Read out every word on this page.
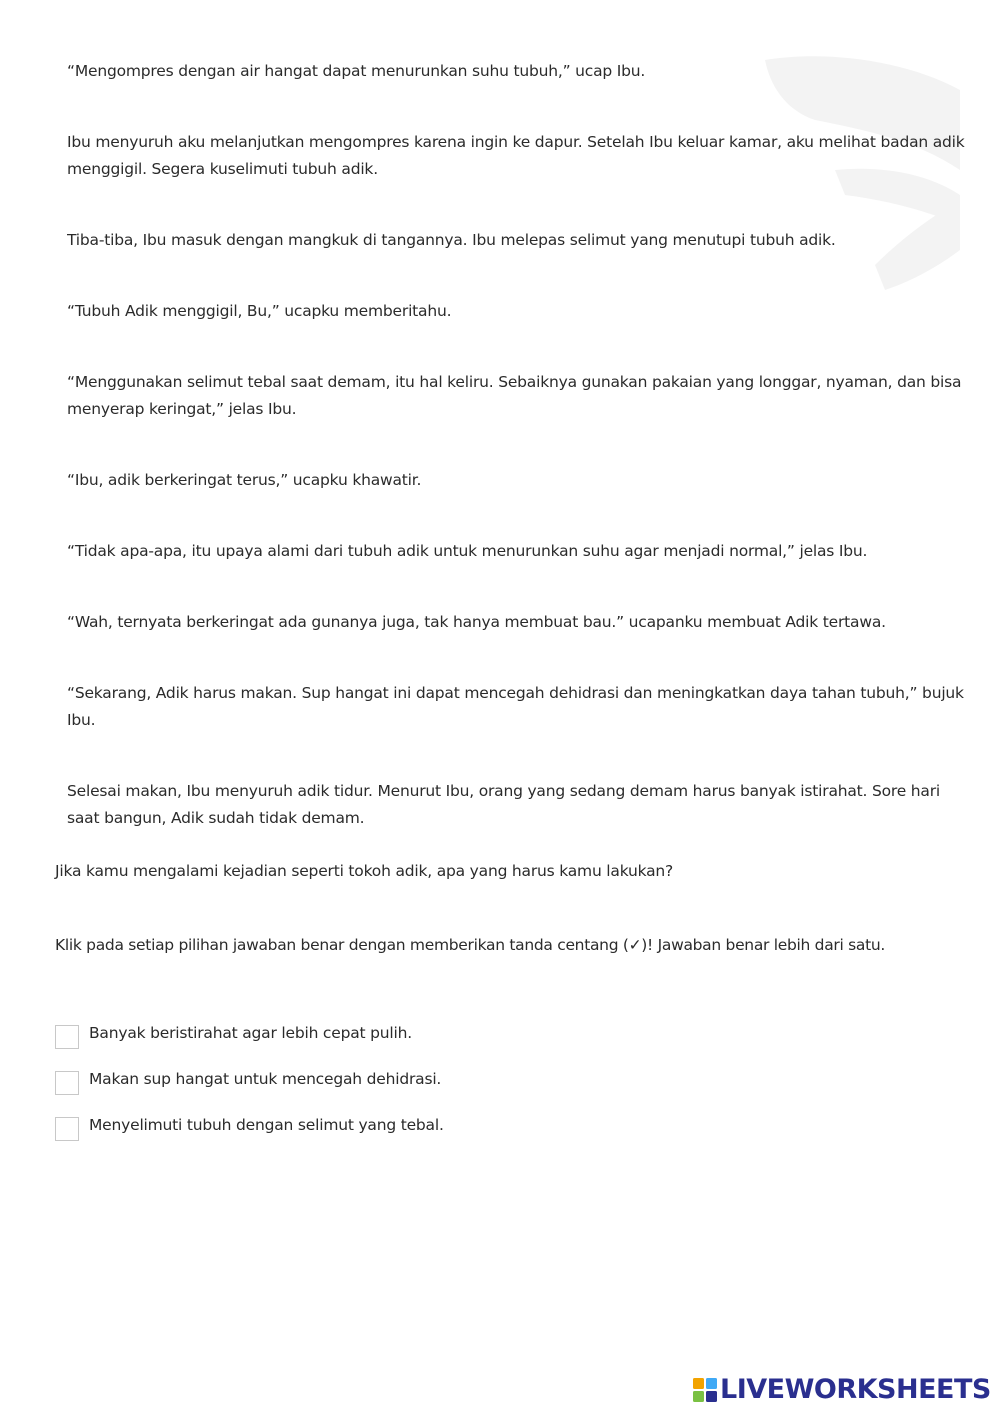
“Mengompres dengan air hangat dapat menurunkan suhu tubuh,” ucap Ibu.

Ibu menyuruh aku melanjutkan mengompres karena ingin ke dapur. Setelah Ibu keluar kamar, aku melihat badan adik menggigil. Segera kuselimuti tubuh adik.

Tiba-tiba, Ibu masuk dengan mangkuk di tangannya. Ibu melepas selimut yang menutupi tubuh adik.

“Tubuh Adik menggigil, Bu,” ucapku memberitahu.

“Menggunakan selimut tebal saat demam, itu hal keliru. Sebaiknya gunakan pakaian yang longgar, nyaman, dan bisa menyerap keringat,” jelas Ibu.

“Ibu, adik berkeringat terus,” ucapku khawatir.

“Tidak apa-apa, itu upaya alami dari tubuh adik untuk menurunkan suhu agar menjadi normal,” jelas Ibu.

“Wah, ternyata berkeringat ada gunanya juga, tak hanya membuat bau.” ucapanku membuat Adik tertawa.

“Sekarang, Adik harus makan. Sup hangat ini dapat mencegah dehidrasi dan meningkatkan daya tahan tubuh,” bujuk Ibu.

Selesai makan, Ibu menyuruh adik tidur. Menurut Ibu, orang yang sedang demam harus banyak istirahat. Sore hari saat bangun, Adik sudah tidak demam.

Jika kamu mengalami kejadian seperti tokoh adik, apa yang harus kamu lakukan?

Klik pada setiap pilihan jawaban benar dengan memberikan tanda centang (✓)! Jawaban benar lebih dari satu.

Banyak beristirahat agar lebih cepat pulih.
Makan sup hangat untuk mencegah dehidrasi.
Menyelimuti tubuh dengan selimut yang tebal.
LIVEWORKSHEETS
